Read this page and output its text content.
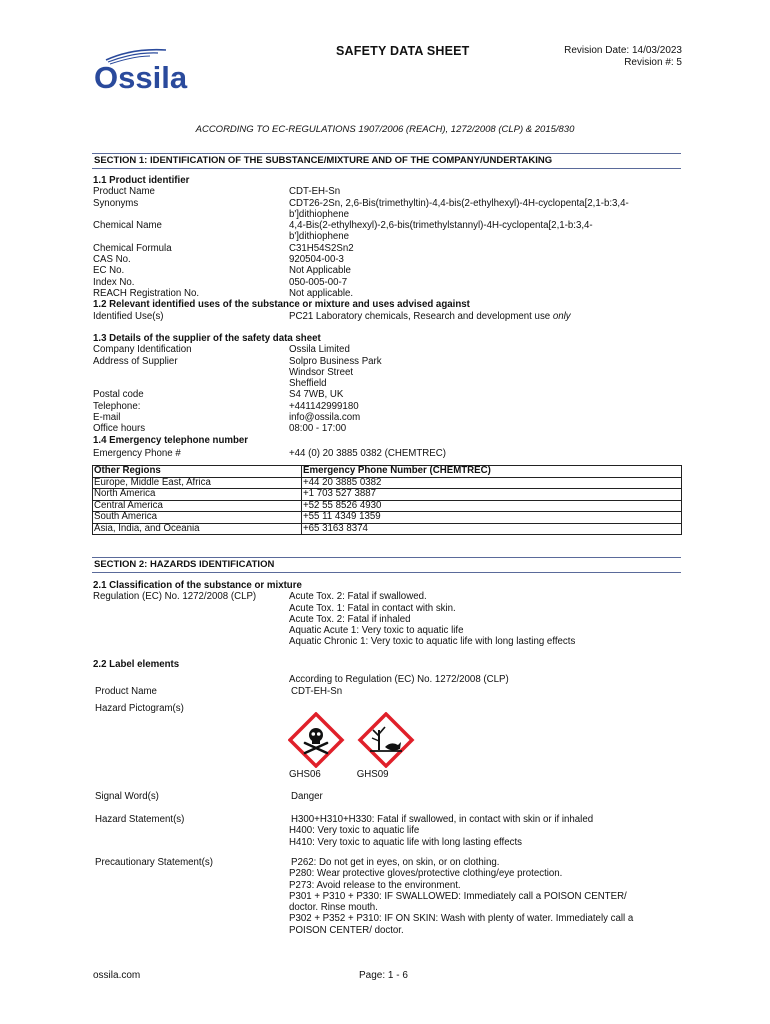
Ossila
SAFETY DATA SHEET	Revision Date: 14/03/2023
Revision #: 5
ACCORDING TO EC-REGULATIONS 1907/2006 (REACH), 1272/2008 (CLP) & 2015/830
SECTION 1: IDENTIFICATION OF THE SUBSTANCE/MIXTURE AND OF THE COMPANY/UNDERTAKING
1.1 Product identifier
Product Name	CDT-EH-Sn
Synonyms	CDT26-2Sn, 2,6-Bis(trimethyltin)-4,4-bis(2-ethylhexyl)-4H-cyclopenta[2,1-b:3,4-
b']dithiophene
Chemical Name	4,4-Bis(2-ethylhexyl)-2,6-bis(trimethylstannyl)-4H-cyclopenta[2,1-b:3,4-
b']dithiophene
Chemical Formula	C31H54S2Sn2
CAS No.	920504-00-3
EC No.	Not Applicable
Index No.	050-005-00-7
REACH Registration No.	Not applicable.
1.2 Relevant identified uses of the substance or mixture and uses advised against
Identified Use(s)	PC21 Laboratory chemicals, Research and development use only
1.3 Details of the supplier of the safety data sheet
Company Identification	Ossila Limited
Address of Supplier	Solpro Business Park
Windsor Street
Sheffield
Postal code	S4 7WB, UK
Telephone:	+441142999180
E-mail	info@ossila.com
Office hours	08:00 - 17:00
1.4 Emergency telephone number
Emergency Phone #	+44 (0) 20 3885 0382 (CHEMTREC)
Other Regions	Emergency Phone Number (CHEMTREC)
Europe, Middle East, Africa	+44 20 3885 0382
North America	+1 703 527 3887
Central America	+52 55 8526 4930
South America	+55 11 4349 1359
Asia, India, and Oceania	+65 3163 8374
SECTION 2: HAZARDS IDENTIFICATION
2.1 Classification of the substance or mixture
Regulation (EC) No. 1272/2008 (CLP)	Acute Tox. 2: Fatal if swallowed.
Acute Tox. 1: Fatal in contact with skin.
Acute Tox. 2: Fatal if inhaled
Aquatic Acute 1: Very toxic to aquatic life
Aquatic Chronic 1: Very toxic to aquatic life with long lasting effects
2.2 Label elements
According to Regulation (EC) No. 1272/2008 (CLP)
Product Name	CDT-EH-Sn
Hazard Pictogram(s)
GHS06	GHS09
Signal Word(s)	Danger
Hazard Statement(s)	H300+H310+H330: Fatal if swallowed, in contact with skin or if inhaled
H400: Very toxic to aquatic life
H410: Very toxic to aquatic life with long lasting effects
Precautionary Statement(s)	P262: Do not get in eyes, on skin, or on clothing.
P280: Wear protective gloves/protective clothing/eye protection.
P273: Avoid release to the environment.
P301 + P310 + P330: IF SWALLOWED: Immediately call a POISON CENTER/
doctor. Rinse mouth.
P302 + P352 + P310: IF ON SKIN: Wash with plenty of water. Immediately call a
POISON CENTER/ doctor.
ossila.com	Page: 1 - 6
